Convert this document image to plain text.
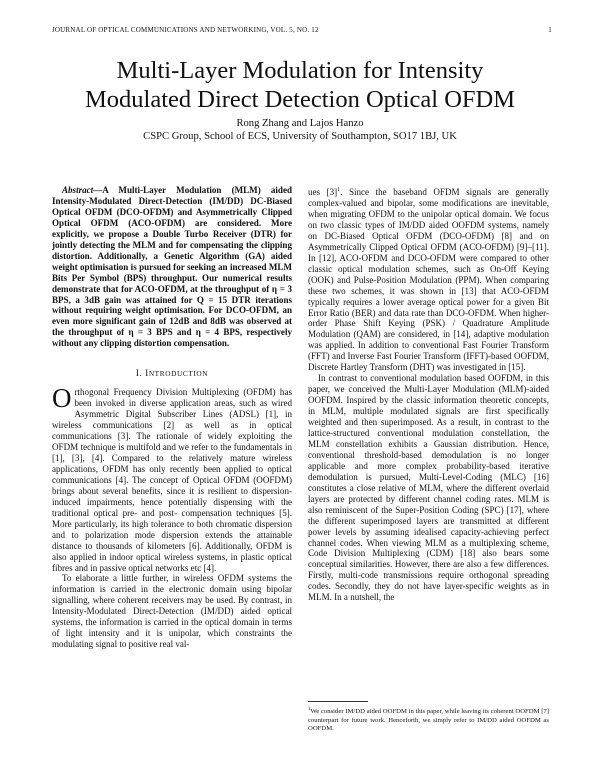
JOURNAL OF OPTICAL COMMUNICATIONS AND NETWORKING, VOL. 5, NO. 12	1
Multi-Layer Modulation for Intensity
Modulated Direct Detection Optical OFDM
Rong Zhang and Lajos Hanzo
CSPC Group, School of ECS, University of Southampton, SO17 1BJ, UK

Abstract—A Multi-Layer Modulation (MLM) aided Intensity-Modulated Direct-Detection (IM/DD) DC-Biased Optical OFDM (DCO-OFDM) and Asymmetrically Clipped Optical OFDM (ACO-OFDM) are considered. More explicitly, we propose a Double Turbo Receiver (DTR) for jointly detecting the MLM and for compensating the clipping distortion. Additionally, a Genetic Algorithm (GA) aided weight optimisation is pursued for seeking an increased MLM Bits Per Symbol (BPS) throughput. Our numerical results demonstrate that for ACO-OFDM, at the throughput of η = 3 BPS, a 3dB gain was attained for Q = 15 DTR iterations without requiring weight optimisation. For DCO-OFDM, an even more significant gain of 12dB and 8dB was observed at the throughput of η = 3 BPS and η = 4 BPS, respectively without any clipping distortion compensation.

I. INTRODUCTION

Orthogonal Frequency Division Multiplexing (OFDM) has been invoked in diverse application areas, such as wired Asymmetric Digital Subscriber Lines (ADSL) [1], in wireless communications [2] as well as in optical communications [3]. The rationale of widely exploiting the OFDM technique is multifold and we refer to the fundamentals in [1], [3], [4]. Compared to the relatively mature wireless applications, OFDM has only recently been applied to optical communications [4]. The concept of Optical OFDM (OOFDM) brings about several benefits, since it is resilient to dispersion-induced impairments, hence potentially dispensing with the traditional optical pre- and post- compensation techniques [5]. More particularly, its high tolerance to both chromatic dispersion and to polarization mode dispersion extends the attainable distance to thousands of kilometers [6]. Additionally, OFDM is also applied in indoor optical wireless systems, in plastic optical fibres and in passive optical networks etc [4].

To elaborate a little further, in wireless OFDM systems the information is carried in the electronic domain using bipolar signalling, where coherent receivers may be used. By contrast, in Intensity-Modulated Direct-Detection (IM/DD) aided optical systems, the information is carried in the optical domain in terms of light intensity and it is unipolar, which constraints the modulating signal to positive real val-

ues $[3]^1$. Since the baseband OFDM signals are generally complex-valued and bipolar, some modifications are inevitable, when migrating OFDM to the unipolar optical domain. We focus on two classic types of IM/DD aided OOFDM systems, namely on DC-Biased Optical OFDM (DCO-OFDM) [8] and on Asymmetrically Clipped Optical OFDM (ACO-OFDM) [9]–[11]. In [12], ACO-OFDM and DCO-OFDM were compared to other classic optical modulation schemes, such as On-Off Keying (OOK) and Pulse-Position Modulation (PPM). When comparing these two schemes, it was shown in [13] that ACO-OFDM typically requires a lower average optical power for a given Bit Error Ratio (BER) and data rate than DCO-OFDM. When higher-order Phase Shift Keying (PSK) / Quadrature Amplitude Modulation (QAM) are considered, in [14], adaptive modulation was applied. In addition to conventional Fast Fourier Transform (FFT) and Inverse Fast Fourier Transform (IFFT)-based OOFDM, Discrete Hartley Transform (DHT) was investigated in [15].

In contrast to conventional modulation based OOFDM, in this paper, we conceived the Multi-Layer Modulation (MLM)-aided OOFDM. Inspired by the classic information theoretic concepts, in MLM, multiple modulated signals are first specifically weighted and then superimposed. As a result, in contrast to the lattice-structured conventional modulation constellation, the MLM constellation exhibits a Gaussian distribution. Hence, conventional threshold-based demodulation is no longer applicable and more complex probability-based iterative demodulation is pursued, Multi-Level-Coding (MLC) [16] constitutes a close relative of MLM, where the different overlaid layers are protected by different channel coding rates. MLM is also reminiscent of the Super-Position Coding (SPC) [17], where the different superimposed layers are transmitted at different power levels by assuming idealised capacity-achieving perfect channel codes. When viewing MLM as a multiplexing scheme, Code Division Multiplexing (CDM) [18] also bears some conceptual similarities. However, there are also a few differences. Firstly, multi-code transmissions require orthogonal spreading codes. Secondly, they do not have layer-specific weights as in MLM. In a nutshell, the

$^1$We consider IM/DD aided OOFDM in this paper, while leaving its coherent OOFDM [7] counterpart for future work. Henceforth, we simply refer to IM/DD aided OOFDM as OOFDM.
